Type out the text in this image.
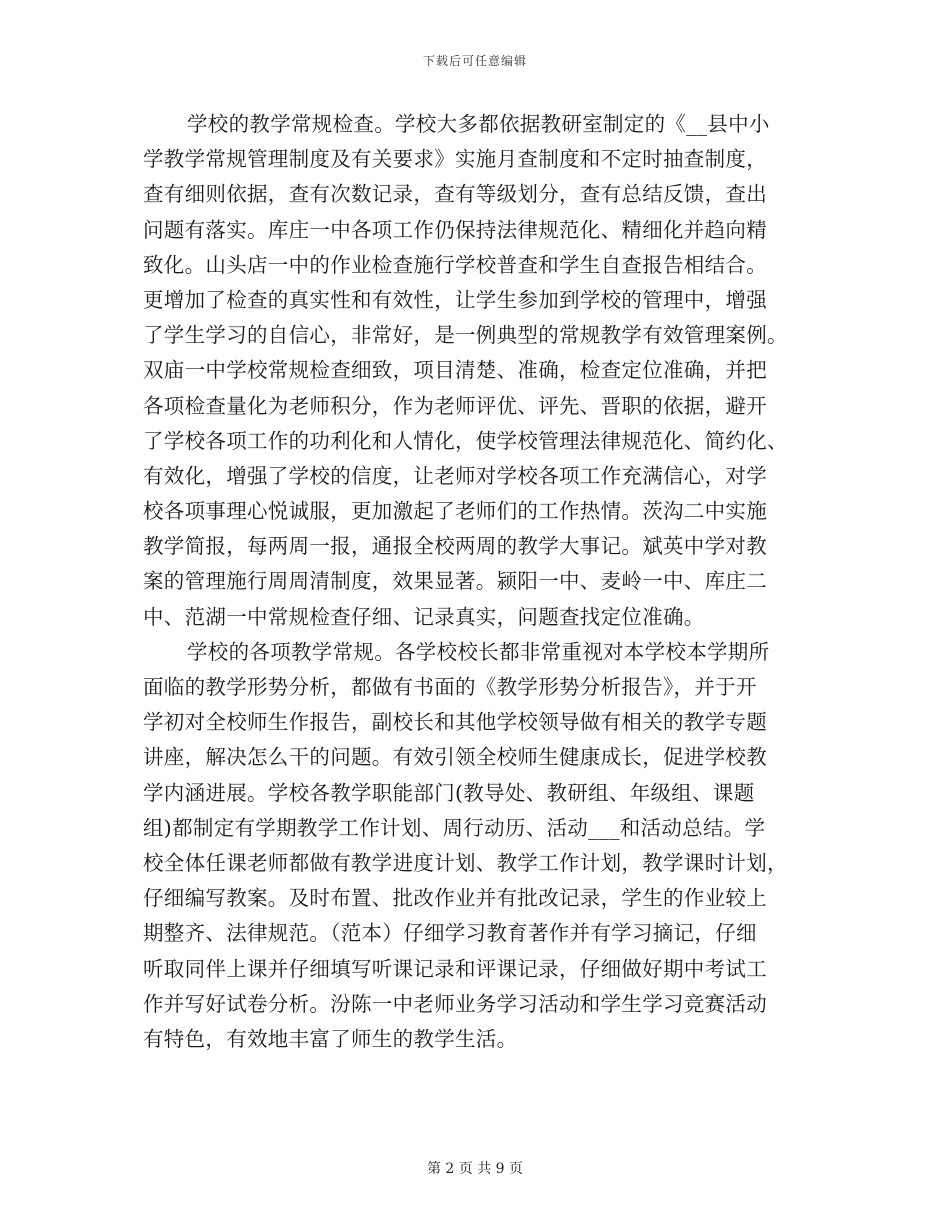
下载后可任意编辑
学校的教学常规检查。学校大多都依据教研室制定的《__县中小
学教学常规管理制度及有关要求》实施月查制度和不定时抽查制度，
查有细则依据，查有次数记录，查有等级划分，查有总结反馈，查出
问题有落实。库庄一中各项工作仍保持法律规范化、精细化并趋向精
致化。山头店一中的作业检查施行学校普查和学生自查报告相结合。
更增加了检查的真实性和有效性，让学生参加到学校的管理中，增强
了学生学习的自信心，非常好，是一例典型的常规教学有效管理案例。
双庙一中学校常规检查细致，项目清楚、准确，检查定位准确，并把
各项检查量化为老师积分，作为老师评优、评先、晋职的依据，避开
了学校各项工作的功利化和人情化，使学校管理法律规范化、简约化、
有效化，增强了学校的信度，让老师对学校各项工作充满信心，对学
校各项事理心悦诚服，更加激起了老师们的工作热情。茨沟二中实施
教学简报，每两周一报，通报全校两周的教学大事记。斌英中学对教
案的管理施行周周清制度，效果显著。颍阳一中、麦岭一中、库庄二
中、范湖一中常规检查仔细、记录真实，问题查找定位准确。
学校的各项教学常规。各学校校长都非常重视对本学校本学期所
面临的教学形势分析，都做有书面的《教学形势分析报告》，并于开
学初对全校师生作报告，副校长和其他学校领导做有相关的教学专题
讲座，解决怎么干的问题。有效引领全校师生健康成长，促进学校教
学内涵进展。学校各教学职能部门(教导处、教研组、年级组、课题
组)都制定有学期教学工作计划、周行动历、活动___和活动总结。学
校全体任课老师都做有教学进度计划、教学工作计划，教学课时计划，
仔细编写教案。及时布置、批改作业并有批改记录，学生的作业较上
期整齐、法律规范。（范本）仔细学习教育著作并有学习摘记，仔细
听取同伴上课并仔细填写听课记录和评课记录，仔细做好期中考试工
作并写好试卷分析。汾陈一中老师业务学习活动和学生学习竞赛活动
有特色，有效地丰富了师生的教学生活。
第 2 页 共 9 页
